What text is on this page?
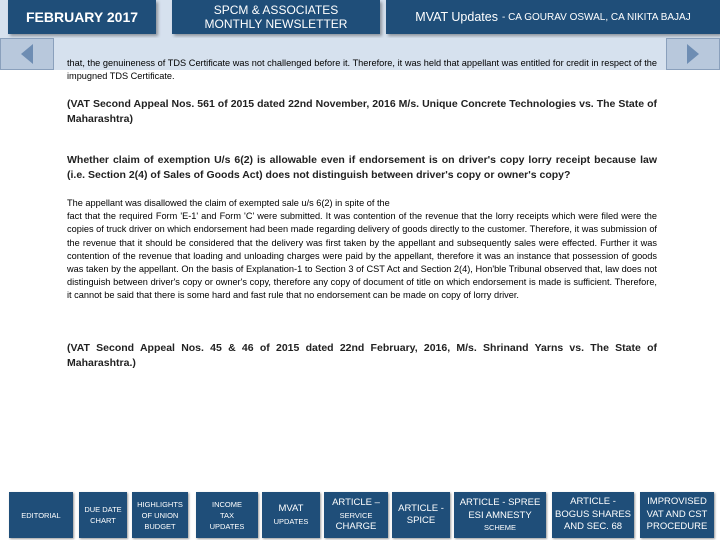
FEBRUARY 2017	SPCM & ASSOCIATES
MONTHLY NEWSLETTER	MVAT Updates - CA GOURAV OSWAL, CA NIKITA BAJAJ

that, the genuineness of TDS Certificate was not challenged before it. Therefore, it was held that appellant was entitled for credit in respect of the impugned TDS Certificate.

(VAT Second Appeal Nos. 561 of 2015 dated 22nd November, 2016 M/s. Unique Concrete Technologies vs. The State of Maharashtra)

Whether claim of exemption U/s 6(2) is allowable even if endorsement is on driver's copy lorry receipt because law (i.e. Section 2(4) of Sales of Goods Act) does not distinguish between driver's copy or owner's copy?

The appellant was disallowed the claim of exempted sale u/s 6(2) in spite of the
fact that the required Form 'E-1' and Form 'C' were submitted. It was contention of the revenue that the lorry receipts which were filed were the copies of truck driver on which endorsement had been made regarding delivery of goods directly to the customer. Therefore, it was submission of the revenue that it should be considered that the delivery was first taken by the appellant and subsequently sales were effected. Further it was contention of the revenue that loading and unloading charges were paid by the appellant, therefore it was an instance that possession of goods was taken by the appellant. On the basis of Explanation-1 to Section 3 of CST Act and Section 2(4), Hon'ble Tribunal observed that, law does not distinguish between driver's copy or owner's copy, therefore any copy of document of title on which endorsement is made is sufficient. Therefore, it cannot be said that there is some hard and fast rule that no endorsement can be made on copy of lorry driver.

(VAT Second Appeal Nos. 45 & 46 of 2015 dated 22nd February, 2016, M/s. Shrinand Yarns vs. The State of Maharashtra.)

EDITORIAL
DUE DATE
CHART
HIGHLIGHTS
OF UNION
BUDGET
INCOME
TAX
UPDATES
MVAT
UPDATES
ARTICLE –
SERVICE
CHARGE
ARTICLE -
SPICE
ARTICLE - SPREE
ESI AMNESTY
SCHEME
ARTICLE -
BOGUS SHARES
AND SEC. 68
IMPROVISED
VAT AND CST
PROCEDURE
